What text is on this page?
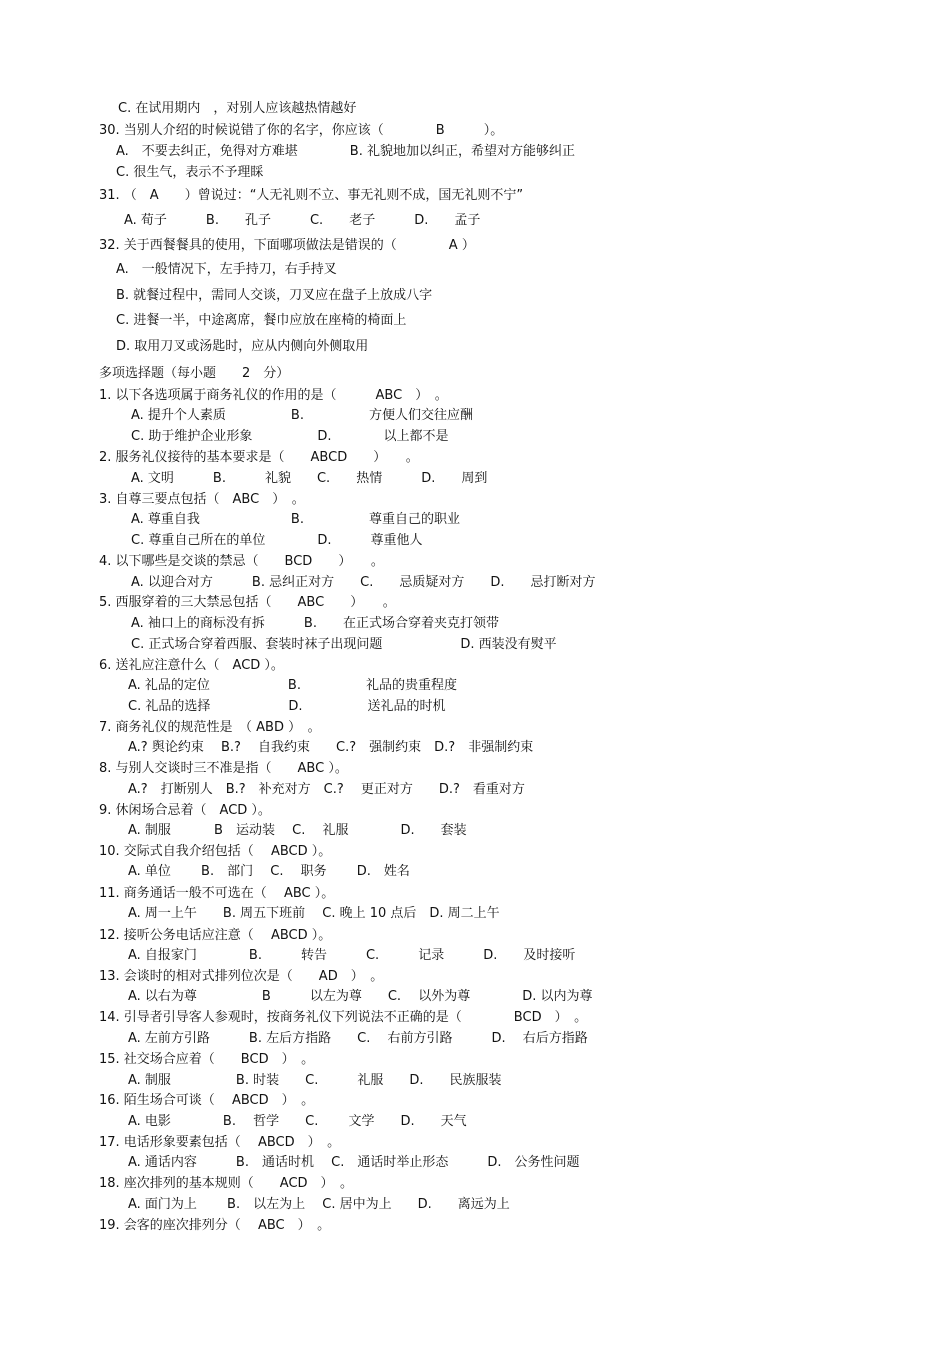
C. 在试用期内　，对别人应该越热情越好
30. 当别人介绍的时候说错了你的名字，你应该（　　　　B　　　）。
A.　不要去纠正，免得对方难堪　　　　B. 礼貌地加以纠正，希望对方能够纠正
C. 很生气，表示不予理睬
31. （　A　　）曾说过：“人无礼则不立、事无礼则不成，国无礼则不宁”
A. 荀子　　　B.　　孔子　　　C.　　老子　　　D.　　孟子
32. 关于西餐餐具的使用，下面哪项做法是错误的（　　　　A ）
A.　一般情况下，左手持刀，右手持叉
B. 就餐过程中，需同人交谈，刀叉应在盘子上放成八字
C. 进餐一半，中途离席，餐巾应放在座椅的椅面上
D. 取用刀叉或汤匙时，应从内侧向外侧取用
多项选择题（每小题　　2　分）
1. 以下各选项属于商务礼仪的作用的是（　　　ABC　）　。
A. 提升个人素质　　　　　B.　　　　　方便人们交往应酬
C. 助于维护企业形象　　　　　D.　　　　以上都不是
2. 服务礼仪接待的基本要求是（　　ABCD　　）　　。
A. 文明　　　B.　　　礼貌　　C.　　热情　　　D.　　周到
3. 自尊三要点包括（　ABC　）　。
A. 尊重自我　　　　　　　B.　　　　　尊重自己的职业
C. 尊重自己所在的单位　　　　D.　　　尊重他人
4. 以下哪些是交谈的禁忌（　　BCD　　）　　。
A. 以迎合对方　　　B. 忌纠正对方　　C.　　忌质疑对方　　D.　　忌打断对方
5. 西服穿着的三大禁忌包括（　　ABC　　）　　。
A. 袖口上的商标没有拆　　　B.　　在正式场合穿着夹克打领带
C. 正式场合穿着西服、套装时袜子出现问题　　　　　　D. 西装没有熨平
6. 送礼应注意什么（　ACD ）。
A. 礼品的定位　　　　　　B.　　　　　礼品的贵重程度
C. 礼品的选择　　　　　　D.　　　　　送礼品的时机
7. 商务礼仪的规范性是　（ ABD ）　。
A.? 舆论约束　 B.?　 自我约束　　C.?　强制约束　D.?　非强制约束
8. 与别人交谈时三不准是指（　　ABC ）。
A.?　打断别人　B.?　补充对方　C.?　 更正对方　　D.?　看重对方
9. 休闲场合忌着（　ACD ）。
A. 制服　　　 B　运动装　 C.　 礼服　　　　D.　　套装
10. 交际式自我介绍包括（　 ABCD ）。
A. 单位　　 B.　部门　 C.　 职务　　 D.　姓名
11. 商务通话一般不可选在（　 ABC ）。
A. 周一上午　　B. 周五下班前　 C. 晚上 10 点后　D. 周二上午
12. 接听公务电话应注意（　 ABCD ）。
A. 自报家门　　　　B.　　　转告　　　C.　　　记录　　　D.　　及时接听
13. 会谈时的相对式排列位次是（　　AD　）　。
A. 以右为尊　　　　　B　　　以左为尊　　C.　 以外为尊　　　　D. 以内为尊
14. 引导者引导客人参观时，按商务礼仪下列说法不正确的是（　　　　BCD　）　。
A. 左前方引路　　　B. 左后方指路　　C.　 右前方引路　　　D.　 右后方指路
15. 社交场合应着（　　BCD　）　。
A. 制服　　　　　B. 时装　　C.　　　礼服　　D.　　民族服装
16. 陌生场合可谈（　 ABCD　）　。
A. 电影　　　　B.　 哲学　　C.　　 文学　　D.　　天气
17. 电话形象要素包括（　 ABCD　）　。
A. 通话内容　　　B.　通话时机　 C.　通话时举止形态　　　D.　公务性问题
18. 座次排列的基本规则（　　ACD　）　。
A. 面门为上　　 B.　以左为上　 C. 居中为上　　D.　　离远为上
19. 会客的座次排列分（　 ABC　）　。
